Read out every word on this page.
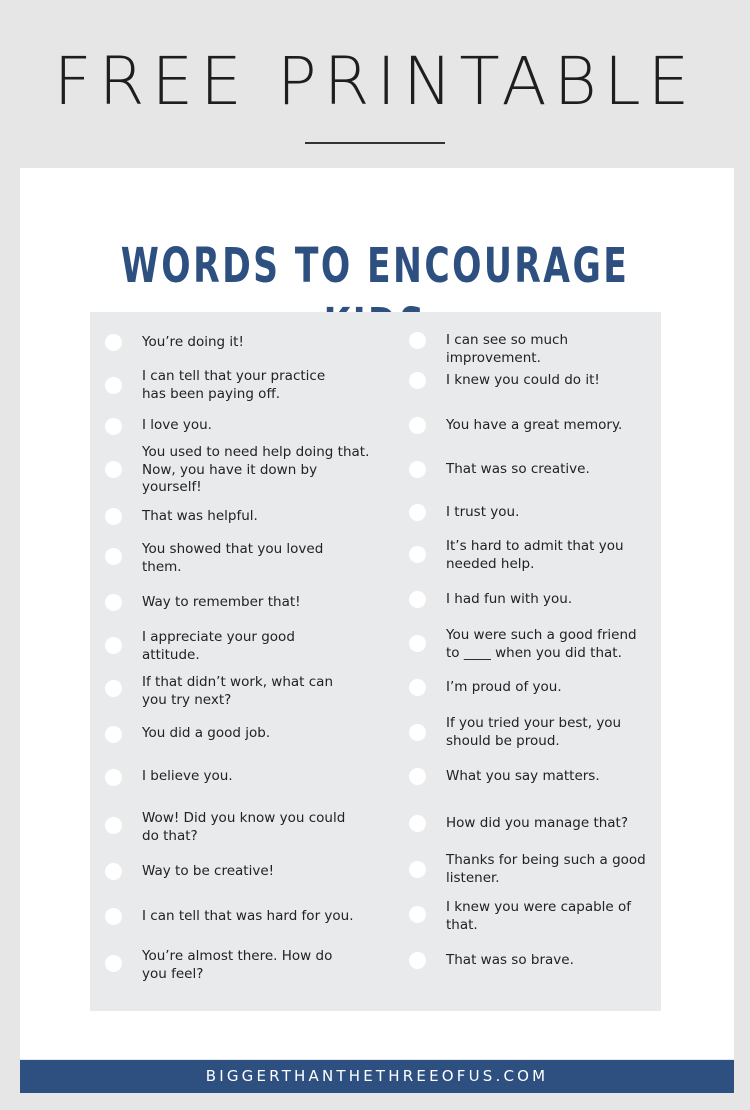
FREE PRINTABLE
WORDS TO ENCOURAGE
You’re doing it!
I can tell that your practice has been paying off.
I love you.
You used to need help doing that. Now, you have it down by yourself!
That was helpful.
You showed that you loved them.
Way to remember that!
I appreciate your good attitude.
If that didn’t work, what can you try next?
You did a good job.
I believe you.
Wow! Did you know you could do that?
Way to be creative!
I can tell that was hard for you.
You’re almost there. How do you feel?
I can see so much improvement.
I knew you could do it!
You have a great memory.
That was so creative.
I trust you.
It’s hard to admit that you needed help.
I had fun with you.
You were such a good friend to ____ when you did that.
I’m proud of you.
If you tried your best, you should be proud.
What you say matters.
How did you manage that?
Thanks for being such a good listener.
I knew you were capable of that.
That was so brave.
BIGGERTHANTHETHREEOFUS.COM
